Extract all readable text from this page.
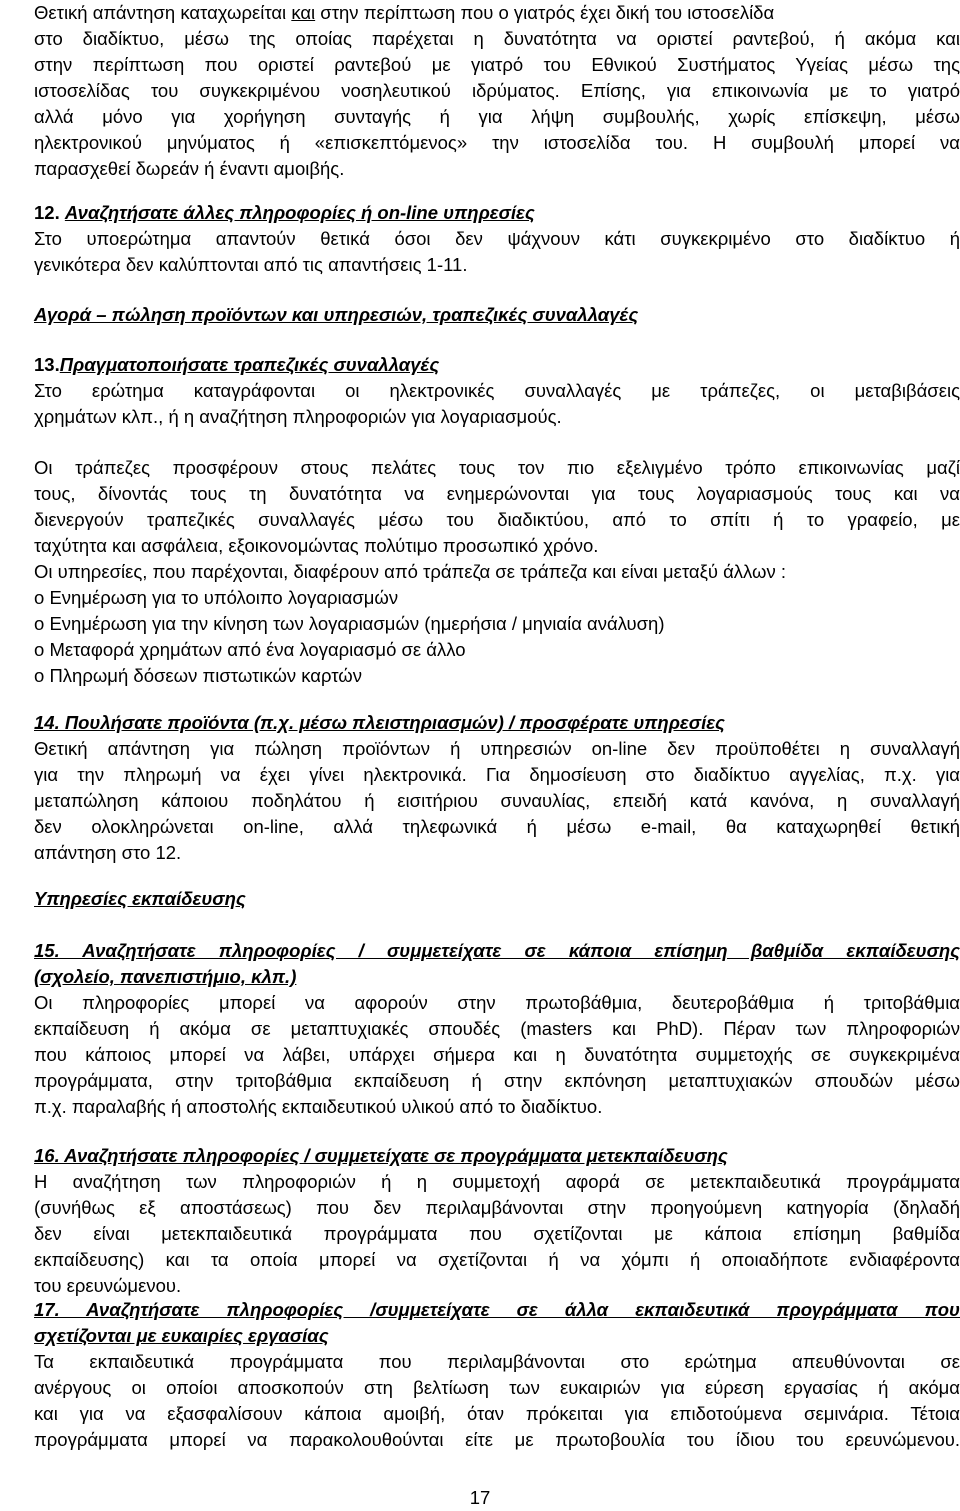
Θετική απάντηση καταχωρείται και στην περίπτωση που ο γιατρός έχει δική του ιστοσελίδα
στο διαδίκτυο, μέσω της οποίας παρέχεται η δυνατότητα να οριστεί ραντεβού, ή ακόμα και
στην περίπτωση που οριστεί ραντεβού με γιατρό του Εθνικού Συστήματος Υγείας μέσω της
ιστοσελίδας του συγκεκριμένου νοσηλευτικού ιδρύματος. Επίσης, για επικοινωνία με το γιατρό
αλλά μόνο για χορήγηση συνταγής ή για λήψη συμβουλής, χωρίς επίσκεψη, μέσω
ηλεκτρονικού μηνύματος ή «επισκεπτόμενος» την ιστοσελίδα του. Η συμβουλή μπορεί να
παρασχεθεί δωρεάν ή έναντι αμοιβής.
12. Αναζητήσατε άλλες πληροφορίες ή on-line υπηρεσίες
Στο υποερώτημα απαντούν θετικά όσοι δεν ψάχνουν κάτι συγκεκριμένο στο διαδίκτυο ή
γενικότερα δεν καλύπτονται από τις απαντήσεις 1-11.
Αγορά – πώληση προϊόντων και υπηρεσιών, τραπεζικές συναλλαγές
13.Πραγματοποιήσατε τραπεζικές συναλλαγές
Στο ερώτημα καταγράφονται οι ηλεκτρονικές συναλλαγές με τράπεζες, οι μεταβιβάσεις
χρημάτων κλπ., ή η αναζήτηση πληροφοριών για λογαριασμούς.
Οι τράπεζες προσφέρουν στους πελάτες τους τον πιο εξελιγμένο τρόπο επικοινωνίας μαζί
τους, δίνοντάς τους τη δυνατότητα να ενημερώνονται για τους λογαριασμούς τους και να
διενεργούν τραπεζικές συναλλαγές μέσω του διαδικτύου, από το σπίτι ή το γραφείο, με
ταχύτητα και ασφάλεια, εξοικονομώντας πολύτιμο προσωπικό χρόνο.
Οι υπηρεσίες, που παρέχονται, διαφέρουν από τράπεζα σε τράπεζα και είναι μεταξύ άλλων :
o Ενημέρωση για το υπόλοιπο λογαριασμών
o Ενημέρωση για την κίνηση των λογαριασμών (ημερήσια / μηνιαία ανάλυση)
o Μεταφορά χρημάτων από ένα λογαριασμό σε άλλο
o Πληρωμή δόσεων πιστωτικών καρτών
14. Πουλήσατε προϊόντα (π.χ. μέσω πλειστηριασμών) / προσφέρατε υπηρεσίες
Θετική απάντηση για πώληση προϊόντων ή υπηρεσιών on-line δεν προϋποθέτει η συναλλαγή
για την πληρωμή να έχει γίνει ηλεκτρονικά. Για δημοσίευση στο διαδίκτυο αγγελίας, π.χ. για
μεταπώληση κάποιου ποδηλάτου ή εισιτήριου συναυλίας, επειδή κατά κανόνα, η συναλλαγή
δεν ολοκληρώνεται on-line, αλλά τηλεφωνικά ή μέσω e-mail, θα καταχωρηθεί θετική
απάντηση στο 12.
Υπηρεσίες εκπαίδευσης
15. Αναζητήσατε πληροφορίες / συμμετείχατε σε κάποια επίσημη βαθμίδα εκπαίδευσης
(σχολείο, πανεπιστήμιο, κλπ.)
Οι πληροφορίες μπορεί να αφορούν στην πρωτοβάθμια, δευτεροβάθμια ή τριτοβάθμια
εκπαίδευση ή ακόμα σε μεταπτυχιακές σπουδές (masters και PhD). Πέραν των πληροφοριών
που κάποιος μπορεί να λάβει, υπάρχει σήμερα και η δυνατότητα συμμετοχής σε συγκεκριμένα
προγράμματα, στην τριτοβάθμια εκπαίδευση ή στην εκπόνηση μεταπτυχιακών σπουδών μέσω
π.χ. παραλαβής ή αποστολής εκπαιδευτικού υλικού από το διαδίκτυο.
16. Αναζητήσατε πληροφορίες / συμμετείχατε σε προγράμματα μετεκπαίδευσης
Η αναζήτηση των πληροφοριών ή η συμμετοχή αφορά σε μετεκπαιδευτικά προγράμματα
(συνήθως εξ αποστάσεως) που δεν περιλαμβάνονται στην προηγούμενη κατηγορία (δηλαδή
δεν είναι μετεκπαιδευτικά προγράμματα που σχετίζονται με κάποια επίσημη βαθμίδα
εκπαίδευσης) και τα οποία μπορεί να σχετίζονται ή να χόμπι ή οποιαδήποτε ενδιαφέροντα
του ερευνώμενου.
17. Αναζητήσατε πληροφορίες /συμμετείχατε σε άλλα εκπαιδευτικά προγράμματα που
σχετίζονται με ευκαιρίες εργασίας
Τα εκπαιδευτικά προγράμματα που περιλαμβάνονται στο ερώτημα απευθύνονται σε
ανέργους οι οποίοι αποσκοπούν στη βελτίωση των ευκαιριών για εύρεση εργασίας ή ακόμα
και για να εξασφαλίσουν κάποια αμοιβή, όταν πρόκειται για επιδοτούμενα σεμινάρια. Τέτοια
προγράμματα μπορεί να παρακολουθούνται είτε με πρωτοβουλία του ίδιου του ερευνώμενου.
17
